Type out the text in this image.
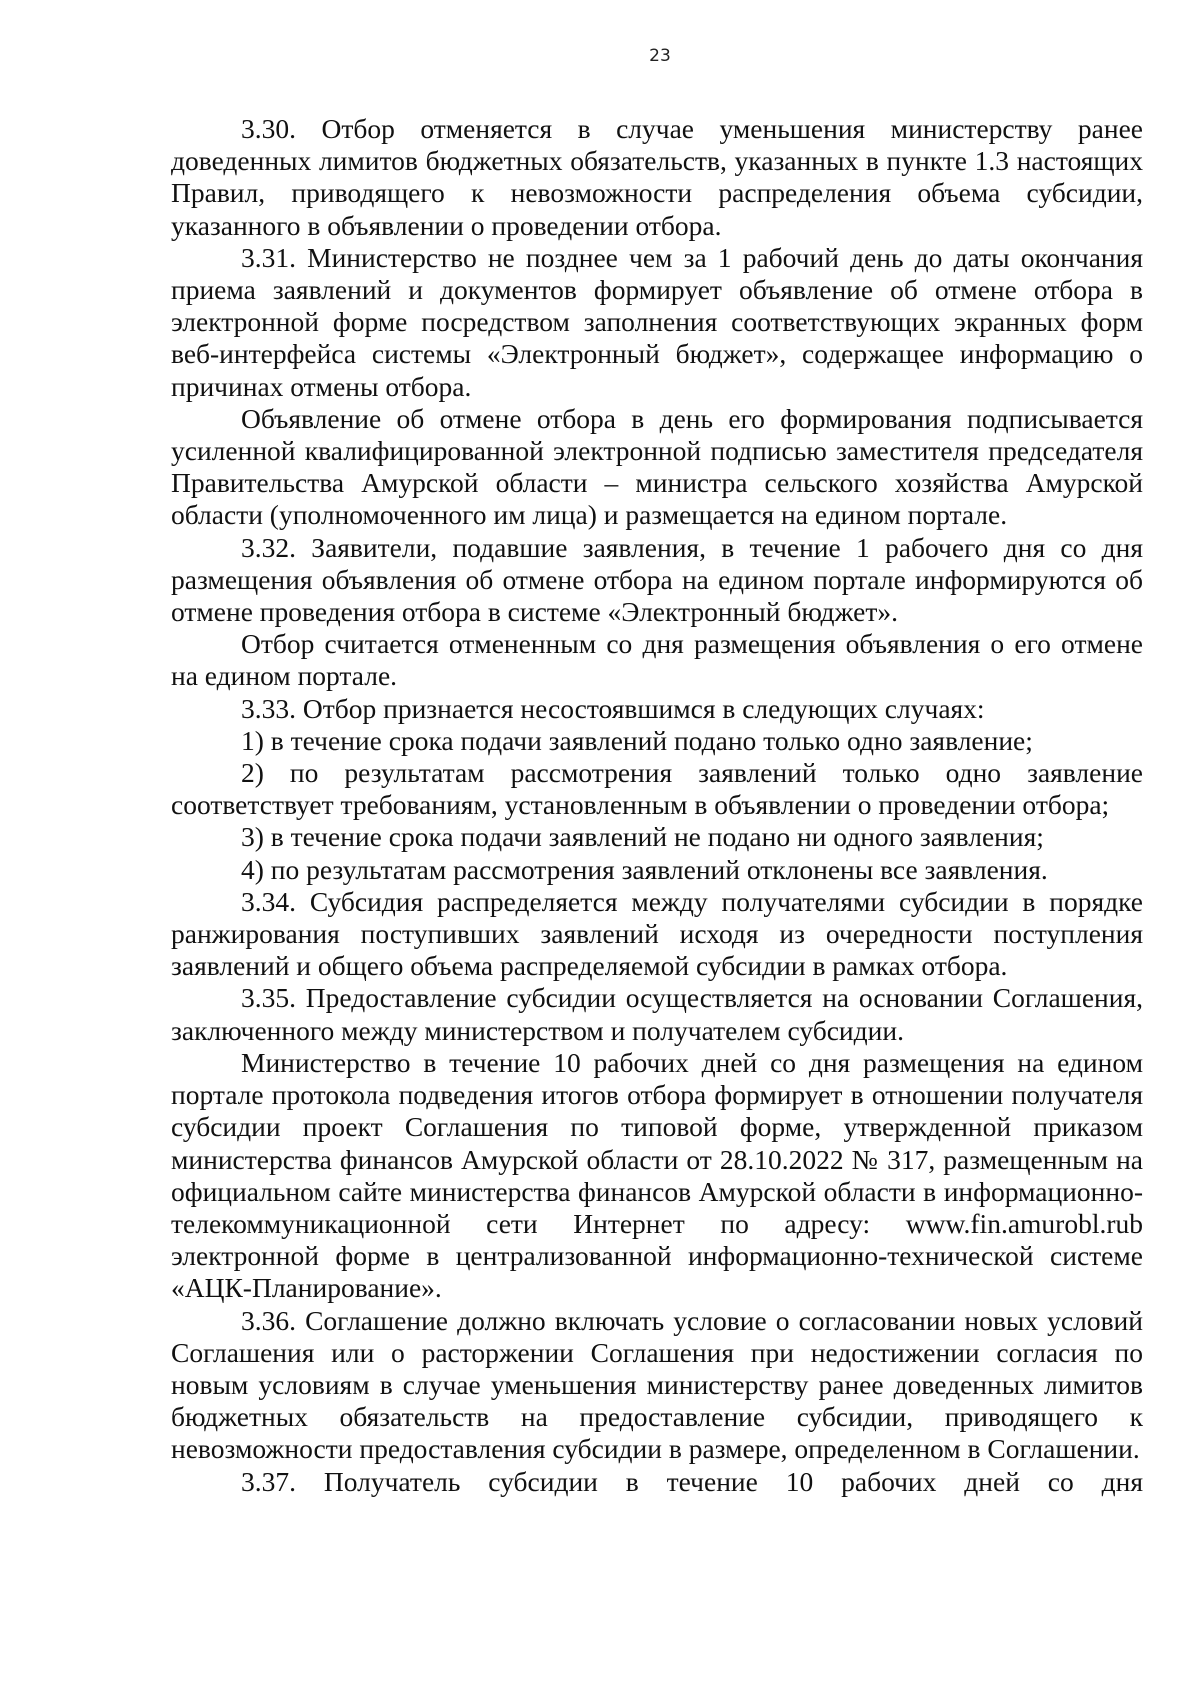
23

3.30. Отбор отменяется в случае уменьшения министерству ранее доведенных лимитов бюджетных обязательств, указанных в пункте 1.3 настоящих Правил, приводящего к невозможности распределения объема субсидии, указанного в объявлении о проведении отбора.

3.31. Министерство не позднее чем за 1 рабочий день до даты окончания приема заявлений и документов формирует объявление об отмене отбора в электронной форме посредством заполнения соответствующих экранных форм веб-интерфейса системы «Электронный бюджет», содержащее информацию о причинах отмены отбора.

Объявление об отмене отбора в день его формирования подписывается усиленной квалифицированной электронной подписью заместителя председателя Правительства Амурской области – министра сельского хозяйства Амурской области (уполномоченного им лица) и размещается на едином портале.

3.32. Заявители, подавшие заявления, в течение 1 рабочего дня со дня размещения объявления об отмене отбора на едином портале информируются об отмене проведения отбора в системе «Электронный бюджет».

Отбор считается отмененным со дня размещения объявления о его отмене на едином портале.

3.33. Отбор признается несостоявшимся в следующих случаях:

1) в течение срока подачи заявлений подано только одно заявление;

2) по результатам рассмотрения заявлений только одно заявление соответствует требованиям, установленным в объявлении о проведении отбора;

3) в течение срока подачи заявлений не подано ни одного заявления;

4) по результатам рассмотрения заявлений отклонены все заявления.

3.34. Субсидия распределяется между получателями субсидии в порядке ранжирования поступивших заявлений исходя из очередности поступления заявлений и общего объема распределяемой субсидии в рамках отбора.

3.35. Предоставление субсидии осуществляется на основании Соглашения, заключенного между министерством и получателем субсидии.

Министерство в течение 10 рабочих дней со дня размещения на едином портале протокола подведения итогов отбора формирует в отношении получателя субсидии проект Соглашения по типовой форме, утвержденной приказом министерства финансов Амурской области от 28.10.2022 № 317, размещенным на официальном сайте министерства финансов Амурской области в информационно-телекоммуникационной сети Интернет по адресу: www.fin.amurobl.rub электронной форме в централизованной информационно-технической системе «АЦК-Планирование».

3.36. Соглашение должно включать условие о согласовании новых условий Соглашения или о расторжении Соглашения при недостижении согласия по новым условиям в случае уменьшения министерству ранее доведенных лимитов бюджетных обязательств на предоставление субсидии, приводящего к невозможности предоставления субсидии в размере, определенном в Соглашении.

3.37. Получатель субсидии в течение 10 рабочих дней со дня
